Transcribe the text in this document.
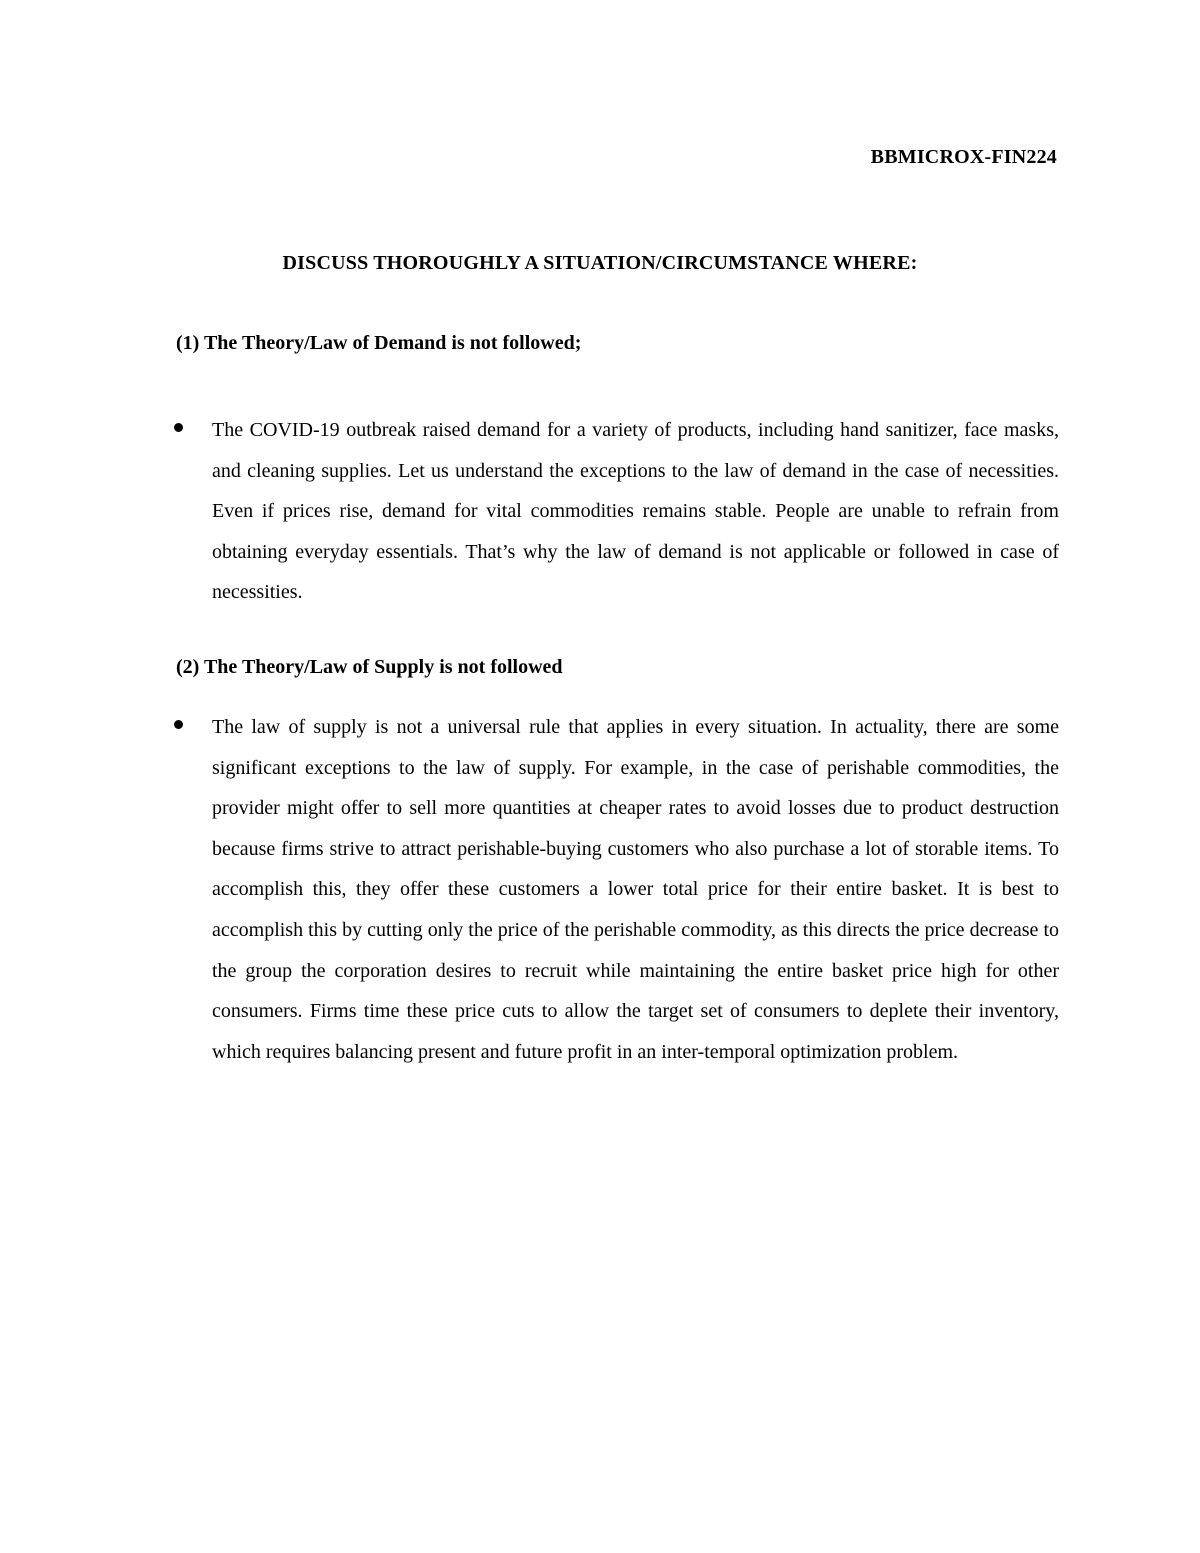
BBMICROX-FIN224
DISCUSS THOROUGHLY A SITUATION/CIRCUMSTANCE WHERE:
(1) The Theory/Law of Demand is not followed;

The COVID-19 outbreak raised demand for a variety of products, including hand sanitizer, face masks, and cleaning supplies. Let us understand the exceptions to the law of demand in the case of necessities. Even if prices rise, demand for vital commodities remains stable. People are unable to refrain from obtaining everyday essentials. That’s why the law of demand is not applicable or followed in case of necessities.

(2) The Theory/Law of Supply is not followed

The law of supply is not a universal rule that applies in every situation. In actuality, there are some significant exceptions to the law of supply. For example, in the case of perishable commodities, the provider might offer to sell more quantities at cheaper rates to avoid losses due to product destruction because firms strive to attract perishable-buying customers who also purchase a lot of storable items. To accomplish this, they offer these customers a lower total price for their entire basket. It is best to accomplish this by cutting only the price of the perishable commodity, as this directs the price decrease to the group the corporation desires to recruit while maintaining the entire basket price high for other consumers. Firms time these price cuts to allow the target set of consumers to deplete their inventory, which requires balancing present and future profit in an inter-temporal optimization problem.
